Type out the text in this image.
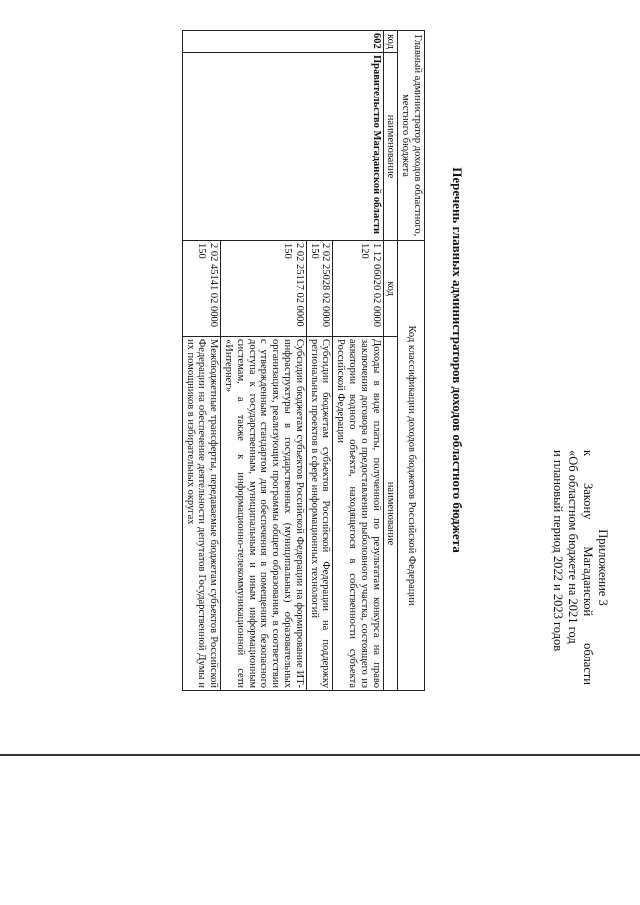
Приложение 3
к
Закону
Магаданской
области
«Об областном бюджете на 2021 год
и плановый период 2022 и 2023 годов
Перечень главных администраторов доходов областного бюджета
Главный администратор доходов областного, местного бюджета		Код классификации доходов бюджетов Российской Федерации	
код	наименование	код	наименование
602	Правительство Магаданской области	1 12 06020 02 0000 120	Доходы в виде платы, полученной по результатам конкурса на право заключения договора о предоставлении рыболовного участка, состоящего из акватории водного объекта, находящегося в собственности субъекта Российской Федерации
		2 02 25028 02 0000 150	Субсидии бюджетам субъектов Российской Федерации на поддержку региональных проектов в сфере информационных технологий
		2 02 25117 02 0000 150	Субсидии бюджетам субъектов Российской Федерации на формирование ИТ-инфраструктуры в государственных (муниципальных) образовательных организациях, реализующих программы общего образования, в соответствии с утвержденным стандартом для обеспечения в помещениях безопасного доступа к государственным, муниципальным и иным информационным системам, а также к информационно-телекоммуникационной сети «Интернет»
		2 02 45141 02 0000 150	Межбюджетные трансферты, передаваемые бюджетам субъектов Российской Федерации на обеспечение деятельности депутатов Государственной Думы и их помощников в избирательных округах
